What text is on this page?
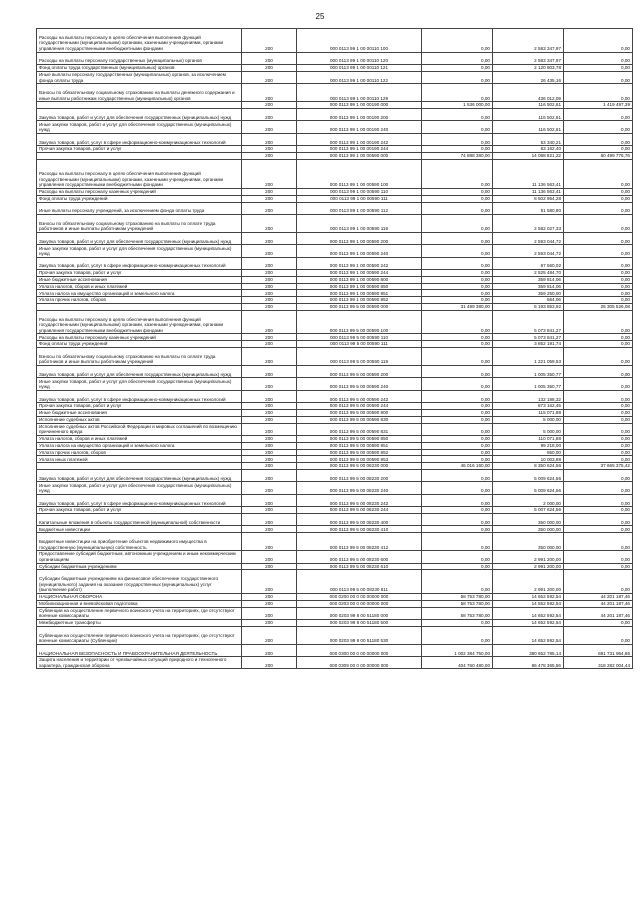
25
Расходы на выплаты персоналу в целях обеспечения выполнения функций государственными (муниципальными) органами, казенными учреждениями, органами управления государственными внебюджетными фондами	200	000 0113 99 1 00 00110 100	0,00	2 583 347,97	0,00
Расходы на выплаты персоналу государственных (муниципальных) органов	200	000 0113 99 1 00 00110 120	0,00	2 583 347,97	0,00
Фонд оплаты труда государственных (муниципальных) органов	200	000 0113 99 1 00 00110 121	0,00	2 120 803,78	0,00
Иные выплаты персоналу государственных (муниципальных) органов, за исключением фонда оплаты труда	200	000 0113 99 1 00 00110 122	0,00	26 435,16	0,00
Взносы по обязательному социальному страхованию на выплаты денежного содержания и иные выплаты работникам государственных (муниципальных) органов	200	000 0113 99 1 00 00110 129	0,00	436 012,09	0,00
	200	000 0113 99 1 00 00190 000	1 536 000,00	116 502,61	1 419 497,39
Закупка товаров, работ и услуг для обеспечения государственных (муниципальных) нужд	200	000 0113 99 1 00 00190 200	0,00	116 502,61	0,00
Иные закупки товаров, работ и услуг для обеспечения государственных (муниципальных) нужд	200	000 0113 99 1 00 00190 240	0,00	116 502,61	0,00
Закупка товаров, работ, услуг в сфере информационно-коммуникационных технологий	200	000 0113 99 1 00 00190 242	0,00	53 340,21	0,00
Прочая закупка товаров, работ и услуг	200	000 0113 99 1 00 00190 244	0,00	63 162,40	0,00
	200	000 0113 99 1 00 00590 000	74 888 380,00	14 088 821,22	60 499 776,76
Расходы на выплаты персоналу в целях обеспечения выполнения функций государственными (муниципальными) органами, казенными учреждениями, органами управления государственными внебюджетными фондами	200	000 0113 99 1 00 00590 100	0,00	11 136 563,41	0,00
Расходы на выплаты персоналу казенных учреждений	200	000 0113 99 1 00 00590 110	0,00	11 136 563,41	0,00
Фонд оплаты труда учреждений	200	000 0113 99 1 00 00590 111	0,00	8 502 954,28	0,00
Иные выплаты персоналу учреждений, за исключением фонда оплаты труда	200	000 0113 99 1 00 00590 112	0,00	51 580,80	0,00
Взносы по обязательному социальному страхованию на выплаты по оплате труда работников и иные выплаты работникам учреждений	200	000 0113 99 1 00 00590 119	0,00	2 582 027,33	0,00
Закупка товаров, работ и услуг для обеспечения государственных (муниципальных) нужд	200	000 0113 99 1 00 00590 200	0,00	2 593 044,72	0,00
Иные закупки товаров, работ и услуг для обеспечения государственных (муниципальных) нужд	200	000 0113 99 1 00 00590 240	0,00	2 593 044,72	0,00
Закупка товаров, работ, услуг в сфере информационно-коммуникационных технологий	200	000 0113 99 1 00 00590 242	0,00	67 560,02	0,00
Прочая закупка товаров, работ и услуг	200	000 0113 99 1 00 00590 244	0,00	2 525 484,70	0,00
Иные бюджетные ассигнования	200	000 0113 99 1 00 00590 800	0,00	359 814,06	0,00
Уплата налогов, сборов и иных платежей	200	000 0113 99 1 00 00590 850	0,00	359 814,06	0,00
Уплата налога на имущество организаций и земельного налога	200	000 0113 99 1 00 00590 851	0,00	359 250,00	0,00
Уплата прочих налогов, сборов	200	000 0113 99 1 00 00590 852	0,00	564,06	0,00
	200	000 0113 99 5 00 00590 000	31 499 380,00	6 193 853,92	25 305 526,08
Расходы на выплаты персоналу в целях обеспечения выполнения функций государственными (муниципальными) органами, казенными учреждениями, органами управления государственными внебюджетными фондами	200	000 0113 99 5 00 00590 100	0,00	5 073 841,27	0,00
Расходы на выплаты персоналу казенных учреждений	200	000 0113 99 5 00 00590 110	0,00	5 073 841,27	0,00
Фонд оплаты труда учреждений	200	000 0113 99 5 00 00590 111	0,00	3 852 191,74	0,00
Взносы по обязательному социальному страхованию на выплаты по оплате труда работников и иные выплаты работникам учреждений	200	000 0113 99 5 00 00590 119	0,00	1 221 059,53	0,00
Закупка товаров, работ и услуг для обеспечения государственных (муниципальных) нужд	200	000 0113 99 5 00 00590 200	0,00	1 005 350,77	0,00
Иные закупки товаров, работ и услуг для обеспечения государственных (муниципальных) нужд	200	000 0113 99 5 00 00590 240	0,00	1 005 350,77	0,00
Закупка товаров, работ, услуг в сфере информационно-коммуникационных технологий	200	000 0113 99 5 00 00590 242	0,00	132 188,32	0,00
Прочая закупка товаров, работ и услуг	200	000 0113 99 5 00 00590 244	0,00	873 162,45	0,00
Иные бюджетные ассигнования	200	000 0113 99 5 00 00590 800	0,00	115 071,88	0,00
Исполнение судебных актов	200	000 0113 99 5 00 00590 830	0,00	5 000,00	0,00
Исполнение судебных актов Российской Федерации и мировых соглашений по возмещению причиненного вреда	200	000 0113 99 5 00 00590 831	0,00	5 000,00	0,00
Уплата налогов, сборов и иных платежей	200	000 0113 99 5 00 00590 850	0,00	110 071,88	0,00
Уплата налога на имущество организаций и земельного налога	200	000 0113 99 5 00 00590 851	0,00	99 218,00	0,00
Уплата прочих налогов, сборов	200	000 0113 99 5 00 00590 852	0,00	850,00	0,00
Уплата иных платежей	200	000 0113 99 5 00 00590 853	0,00	10 003,88	0,00
	200	000 0113 99 5 00 08230 000	46 016 160,00	8 350 624,56	37 665 375,42
Закупка товаров, работ и услуг для обеспечения государственных (муниципальных) нужд	200	000 0113 99 5 00 08230 200	0,00	5 009 624,56	0,00
Иные закупки товаров, работ и услуг для обеспечения государственных (муниципальных) нужд	200	000 0113 99 5 00 08230 240	0,00	5 009 624,56	0,00
Закупка товаров, работ, услуг в сфере информационно-коммуникационных технологий	200	000 0113 99 5 00 08230 242	0,00	2 000,00	0,00
Прочая закупка товаров, работ и услуг	200	000 0113 99 5 00 08230 244	0,00	5 007 624,56	0,00
Капитальные вложения в объекты государственной (муниципальной) собственности	200	000 0113 99 5 00 08230 400	0,00	350 000,00	0,00
Бюджетные инвестиции	200	000 0113 99 5 00 08230 410	0,00	350 000,00	0,00
Бюджетные инвестиции на приобретение объектов недвижимого имущества в государственную (муниципальную) собственность	200	000 0113 99 5 00 08230 412	0,00	350 000,00	0,00
Предоставление субсидий бюджетным, автономным учреждениям и иным некоммерческим организациям	200	000 0113 99 5 00 08230 600	0,00	2 991 200,00	0,00
Субсидии бюджетным учреждениям	200	000 0113 99 5 00 08230 610	0,00	2 991 200,00	0,00
Субсидии бюджетным учреждениям на финансовое обеспечение государственного (муниципального) задания на оказание государственных (муниципальных) услуг (выполнение работ)	200	000 0113 99 5 00 08230 611	0,00	2 991 200,00	0,00
НАЦИОНАЛЬНАЯ ОБОРОНА	200	000 0200 00 0 00 00000 000	58 753 780,00	14 652 592,54	44 201 187,46
Мобилизационная и вневойсковая подготовка	200	000 0203 00 0 00 00000 000	58 753 780,00	14 552 592,54	44 201 187,46
Субвенции на осуществление первичного воинского учета на территориях, где отсутствуют военные комиссариаты	200	000 0203 99 8 00 51180 000	58 753 780,00	14 652 592,54	44 201 187,46
Межбюджетные трансферты	200	000 0203 99 8 00 51180 500	0,00	14 652 592,54	0,00
Субвенции на осуществление первичного воинского учета на территориях, где отсутствуют военные комиссариаты (Субвенции)	200	000 0203 99 8 00 51180 530	0,00	14 652 592,54	0,00
НАЦИОНАЛЬНАЯ БЕЗОПАСНОСТЬ И ПРАВООХРАНИТЕЛЬНАЯ ДЕЯТЕЛЬНОСТЬ	200	000 0300 00 0 00 00000 000	1 002 384 750,00	380 652 785,14	691 731 964,86
Защита населения и территории от чрезвычайных ситуаций природного и техногенного характера, гражданская оборона	200	000 0309 00 0 00 00000 000	404 760 480,00	86 478 365,56	318 282 004,44
